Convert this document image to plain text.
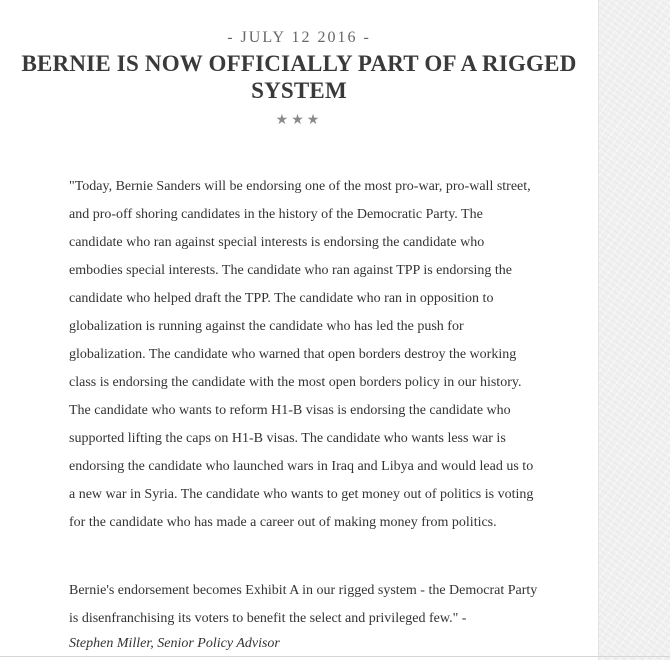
- JULY 12 2016 -
BERNIE IS NOW OFFICIALLY PART OF A RIGGED
SYSTEM
★★★

"Today, Bernie Sanders will be endorsing one of the most pro-war, pro-wall street, and pro-off shoring candidates in the history of the Democratic Party. The candidate who ran against special interests is endorsing the candidate who embodies special interests. The candidate who ran against TPP is endorsing the candidate who helped draft the TPP. The candidate who ran in opposition to globalization is running against the candidate who has led the push for globalization. The candidate who warned that open borders destroy the working class is endorsing the candidate with the most open borders policy in our history. The candidate who wants to reform H1-B visas is endorsing the candidate who supported lifting the caps on H1-B visas. The candidate who wants less war is endorsing the candidate who launched wars in Iraq and Libya and would lead us to a new war in Syria. The candidate who wants to get money out of politics is voting for the candidate who has made a career out of making money from politics.

Bernie's endorsement becomes Exhibit A in our rigged system - the Democrat Party is disenfranchising its voters to benefit the select and privileged few." -
Stephen Miller, Senior Policy Advisor
